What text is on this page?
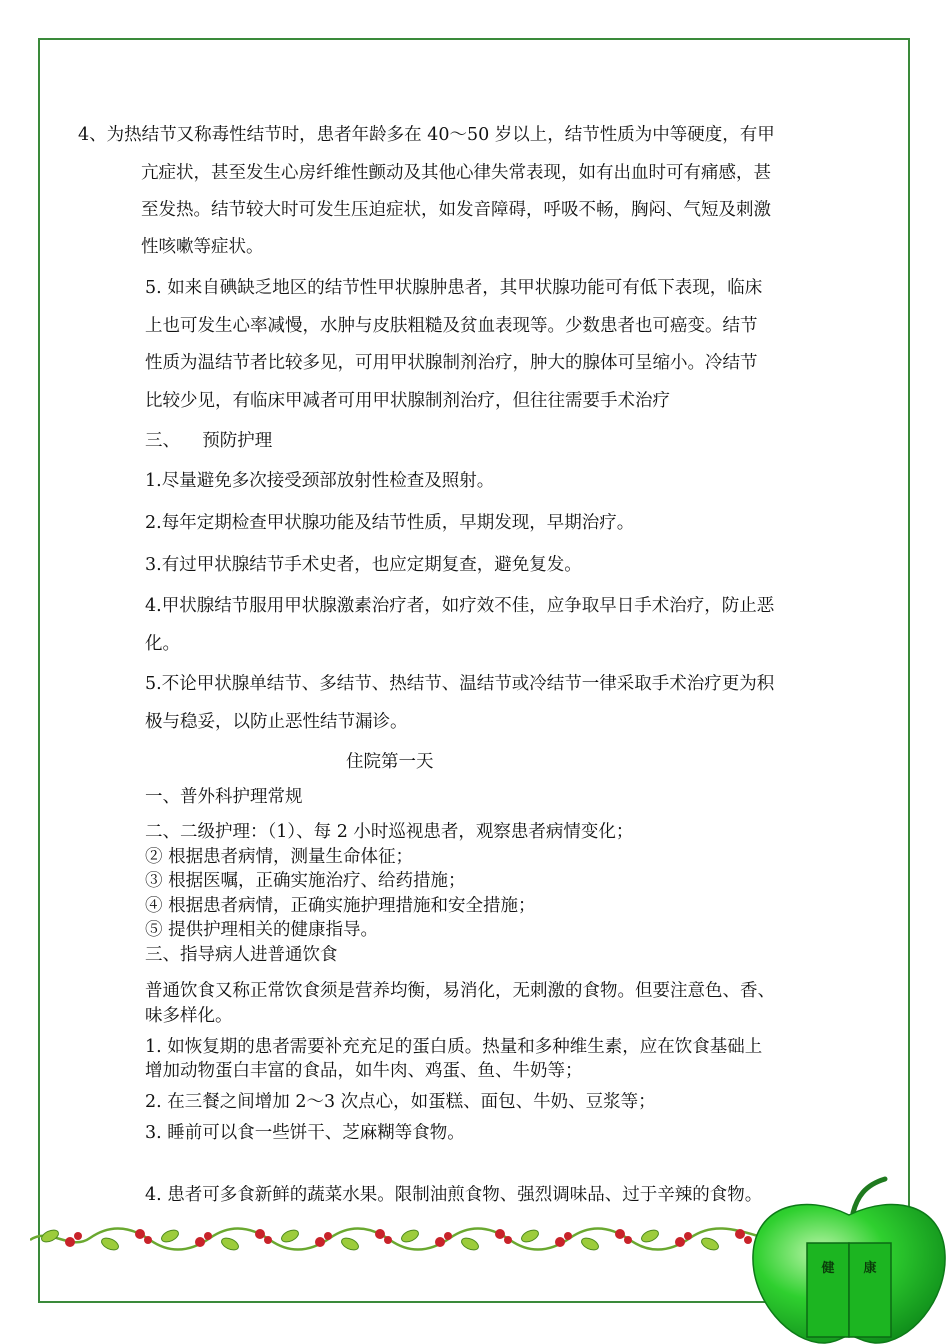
4、为热结节又称毒性结节时，患者年龄多在 40～50 岁以上，结节性质为中等硬度，有甲

亢症状，甚至发生心房纤维性颤动及其他心律失常表现，如有出血时可有痛感，甚

至发热。结节较大时可发生压迫症状，如发音障碍，呼吸不畅，胸闷、气短及刺激

性咳嗽等症状。

5. 如来自碘缺乏地区的结节性甲状腺肿患者，其甲状腺功能可有低下表现，临床

上也可发生心率减慢，水肿与皮肤粗糙及贫血表现等。少数患者也可癌变。结节

性质为温结节者比较多见，可用甲状腺制剂治疗，肿大的腺体可呈缩小。冷结节

比较少见，有临床甲减者可用甲状腺制剂治疗，但往往需要手术治疗

三、    预防护理

1.尽量避免多次接受颈部放射性检查及照射。

2.每年定期检查甲状腺功能及结节性质，早期发现，早期治疗。

3.有过甲状腺结节手术史者，也应定期复查，避免复发。

4.甲状腺结节服用甲状腺激素治疗者，如疗效不佳，应争取早日手术治疗，防止恶

化。

5.不论甲状腺单结节、多结节、热结节、温结节或冷结节一律采取手术治疗更为积

极与稳妥，以防止恶性结节漏诊。

住院第一天

一、普外科护理常规

二、二级护理：（1）、每 2 小时巡视患者，观察患者病情变化；

② 根据患者病情，测量生命体征；

③ 根据医嘱，正确实施治疗、给药措施；

④ 根据患者病情，正确实施护理措施和安全措施；

⑤ 提供护理相关的健康指导。

三、指导病人进普通饮食

普通饮食又称正常饮食须是营养均衡，易消化，无刺激的食物。但要注意色、香、

味多样化。

1. 如恢复期的患者需要补充充足的蛋白质。热量和多种维生素，应在饮食基础上

增加动物蛋白丰富的食品，如牛肉、鸡蛋、鱼、牛奶等；

2. 在三餐之间增加 2～3 次点心，如蛋糕、面包、牛奶、豆浆等；

3. 睡前可以食一些饼干、芝麻糊等食物。

4. 患者可多食新鲜的蔬菜水果。限制油煎食物、强烈调味品、过于辛辣的食物。

健 康
